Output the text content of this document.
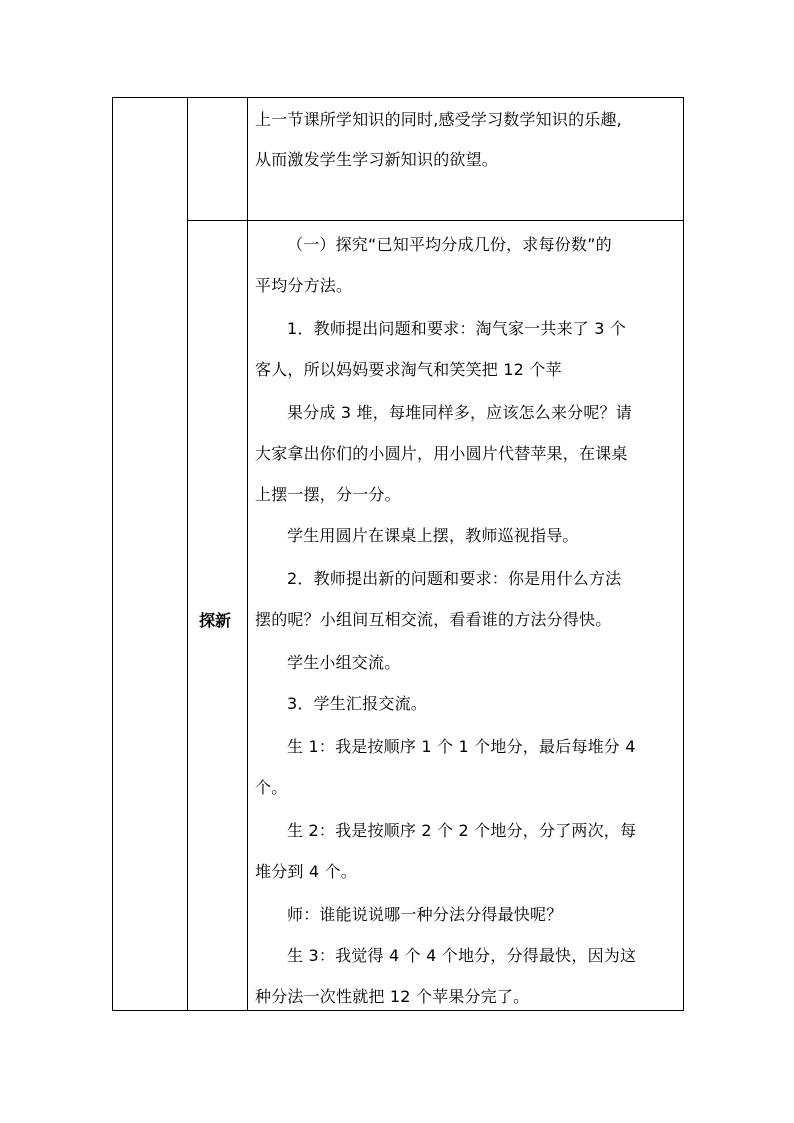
上一节课所学知识的同时,感受学习数学知识的乐趣,
从而激发学生学习新知识的欲望。
探新
（一）探究“已知平均分成几份，求每份数”的
平均分方法。
1．教师提出问题和要求：淘气家一共来了 3 个
客人，所以妈妈要求淘气和笑笑把 12 个苹
果分成 3 堆，每堆同样多，应该怎么来分呢？请
大家拿出你们的小圆片，用小圆片代替苹果，在课桌
上摆一摆，分一分。
学生用圆片在课桌上摆，教师巡视指导。
2．教师提出新的问题和要求：你是用什么方法
摆的呢？小组间互相交流，看看谁的方法分得快。
学生小组交流。
3．学生汇报交流。
生 1：我是按顺序 1 个 1 个地分，最后每堆分 4
个。
生 2：我是按顺序 2 个 2 个地分，分了两次，每
堆分到 4 个。
师：谁能说说哪一种分法分得最快呢？
生 3：我觉得 4 个 4 个地分，分得最快，因为这
种分法一次性就把 12 个苹果分完了。
